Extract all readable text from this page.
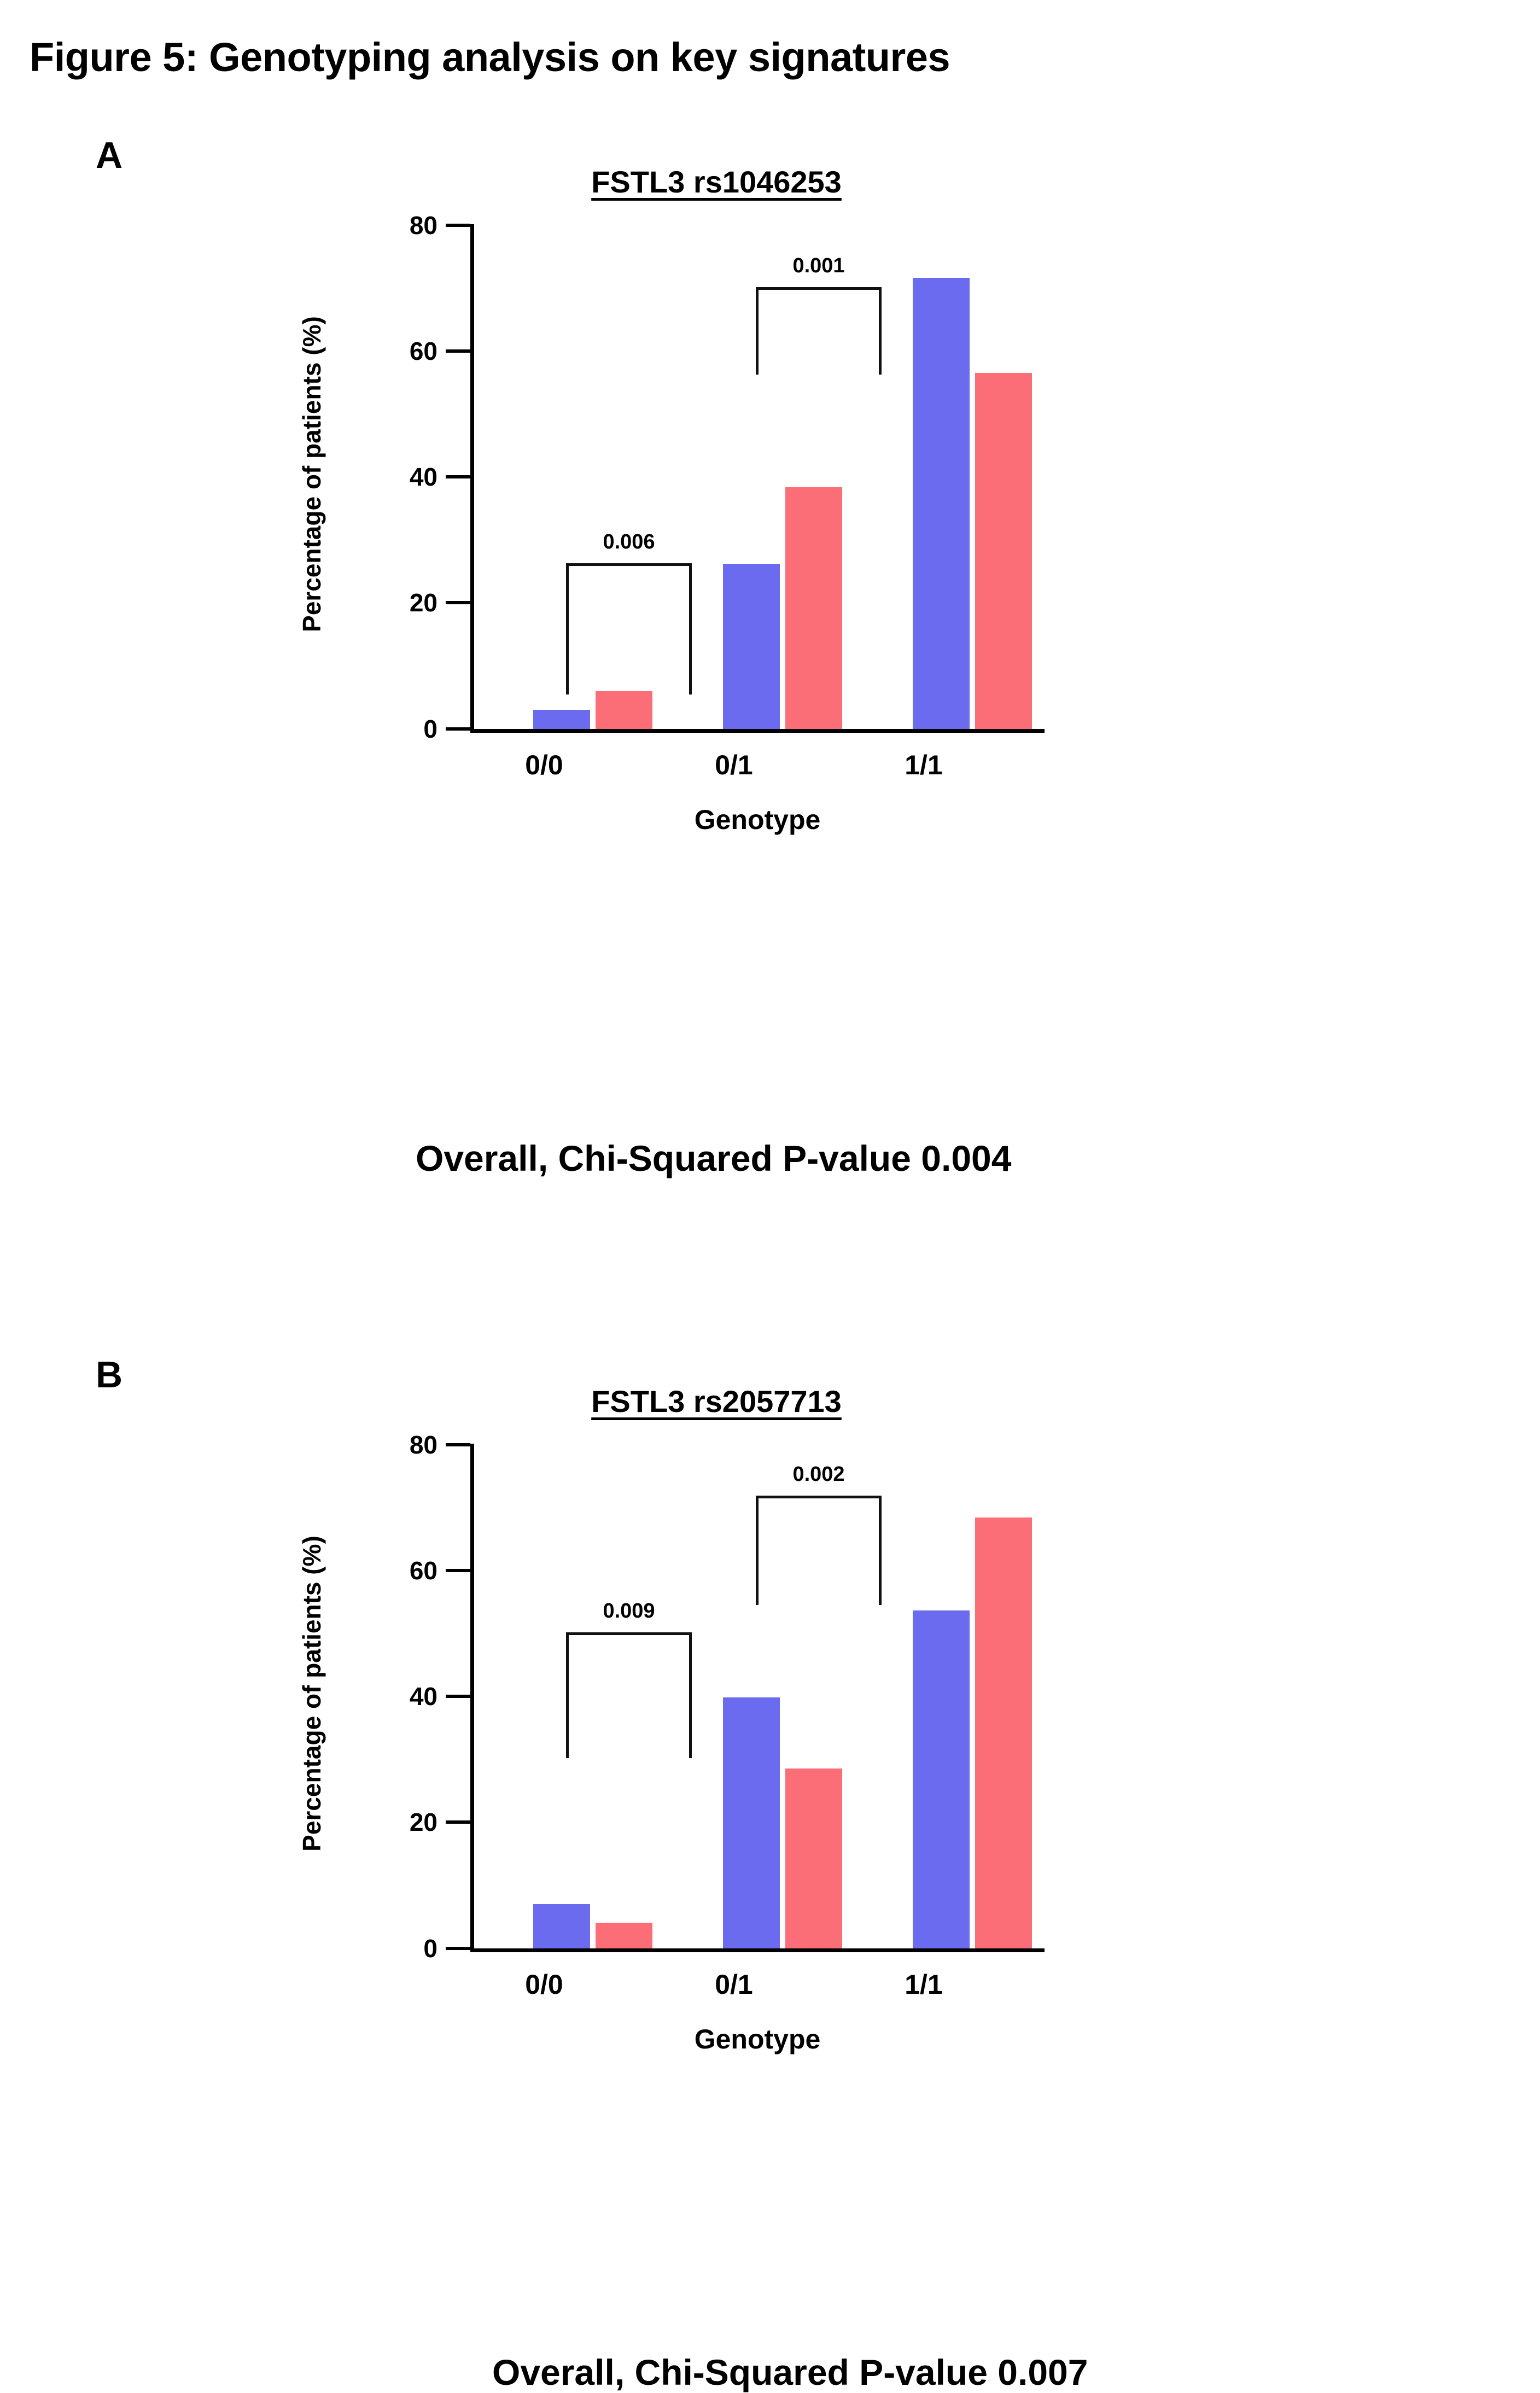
Figure 5: Genotyping analysis on key signatures
A
FSTL3 rs1046253
Percentage of patients (%)
0
20
40
60
80
0.006
0.001
0/0	0/1	1/1
Genotype
Overall, Chi-Squared P-value 0.004
B
FSTL3 rs2057713
Percentage of patients (%)
0
20
40
60
80
0.009
0.002
0/0	0/1	1/1
Genotype
Overall, Chi-Squared P-value 0.007
